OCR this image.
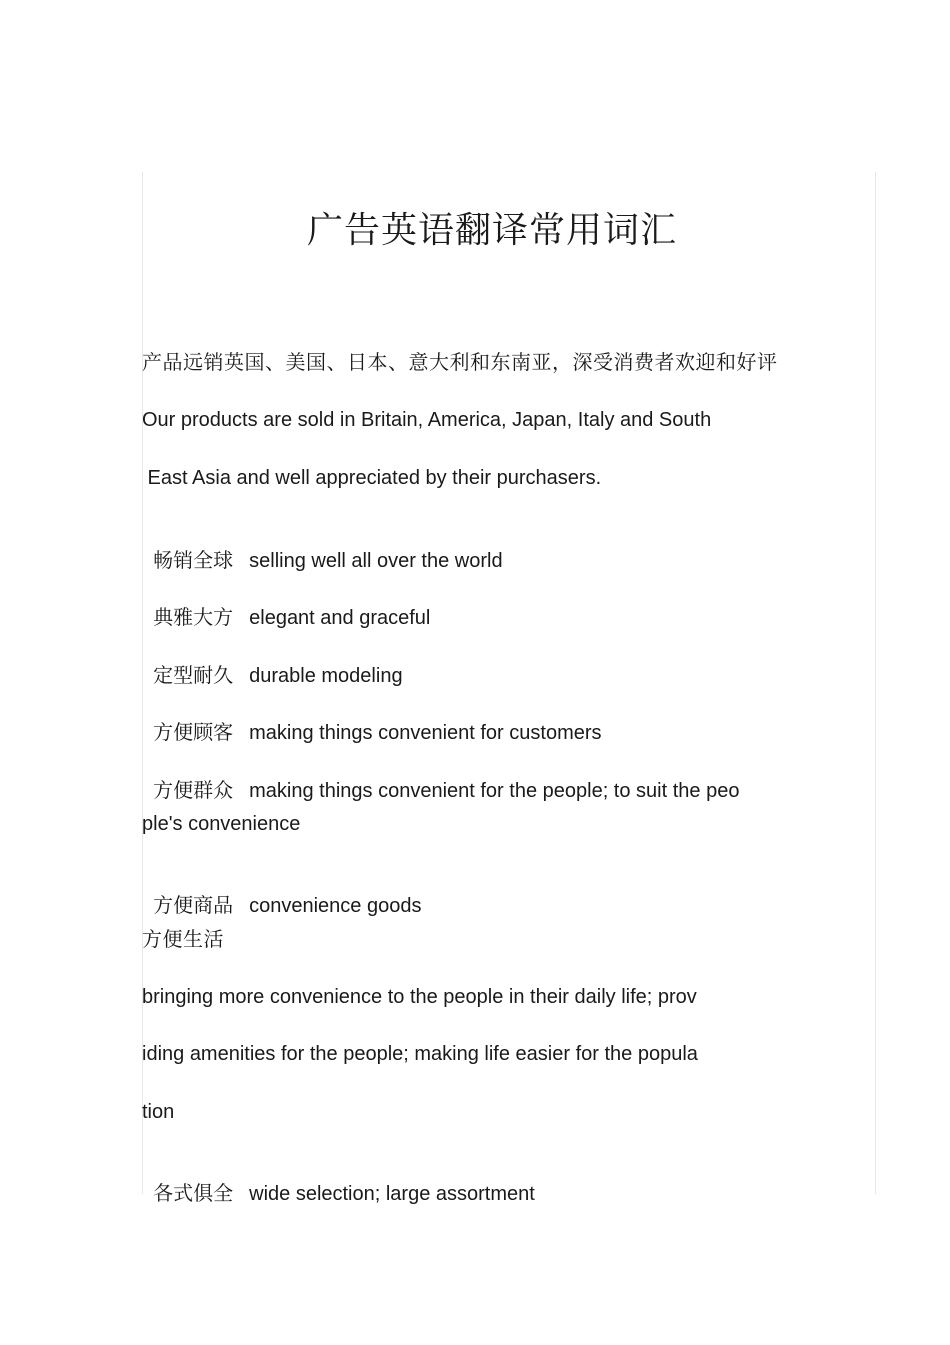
广告英语翻译常用词汇
产品远销英国、美国、日本、意大利和东南亚，深受消费者欢迎和好评
Our products are sold in Britain, America, Japan, Italy and South
East Asia and well appreciated by their purchasers.

畅销全球 selling well all over the world

典雅大方 elegant and graceful

定型耐久 durable modeling

方便顾客 making things convenient for customers

方便群众 making things convenient for the people; to suit the peo

ple's convenience

方便商品 convenience goods

方便生活
bringing more convenience to the people in their daily life; prov
iding amenities for the people; making life easier for the popula
tion

各式俱全 wide selection; large assortment
